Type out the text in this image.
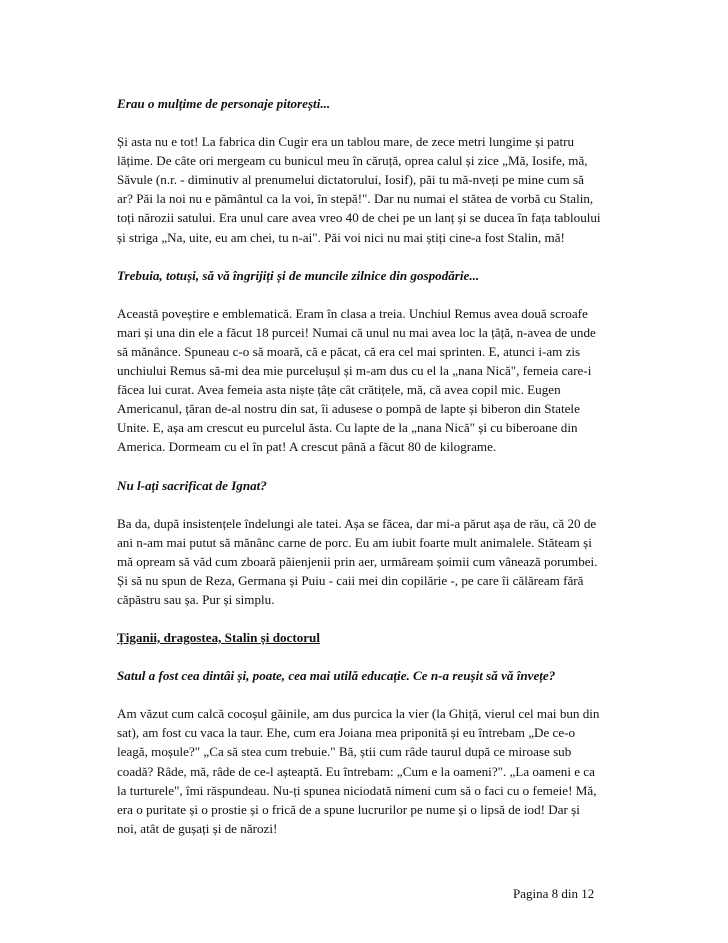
Erau o mulțime de personaje pitorești...

Și asta nu e tot! La fabrica din Cugir era un tablou mare, de zece metri lungime și patru lățime. De câte ori mergeam cu bunicul meu în căruță, oprea calul și zice „Mă, Iosife, mă, Săvule (n.r. - diminutiv al prenumelui dictatorului, Iosif), păi tu mă-nveți pe mine cum să ar? Păi la noi nu e pământul ca la voi, în stepă!". Dar nu numai el stătea de vorbă cu Stalin, toți nărozii satului. Era unul care avea vreo 40 de chei pe un lanț și se ducea în fața tabloului și striga „Na, uite, eu am chei, tu n-ai". Păi voi nici nu mai știți cine-a fost Stalin, mă!

Trebuia, totuși, să vă îngrijiți și de muncile zilnice din gospodărie...

Această poveștire e emblematică. Eram în clasa a treia. Unchiul Remus avea două scroafe mari și una din ele a făcut 18 purcei! Numai că unul nu mai avea loc la țâță, n-avea de unde să mănânce. Spuneau c-o să moară, că e păcat, că era cel mai sprinten. E, atunci i-am zis unchiului Remus să-mi dea mie purcelușul și m-am dus cu el la „nana Nică", femeia care-i făcea lui curat. Avea femeia asta niște țâțe cât crătițele, mă, că avea copil mic. Eugen Americanul, țăran de-al nostru din sat, îi adusese o pompă de lapte și biberon din Statele Unite. E, așa am crescut eu purcelul ăsta. Cu lapte de la „nana Nică" și cu biberoane din America. Dormeam cu el în pat! A crescut până a făcut 80 de kilograme.

Nu l-ați sacrificat de Ignat?

Ba da, după insistențele îndelungi ale tatei. Așa se făcea, dar mi-a părut așa de rău, că 20 de ani n-am mai putut să mănânc carne de porc. Eu am iubit foarte mult animalele. Stăteam și mă opream să văd cum zboară păienjenii prin aer, urmăream șoimii cum vânează porumbei. Și să nu spun de Reza, Germana și Puiu - caii mei din copilărie -, pe care îi călăream fără căpăstru sau șa. Pur și simplu.

Țiganii, dragostea, Stalin și doctorul

Satul a fost cea dintâi și, poate, cea mai utilă educație. Ce n-a reușit să vă învețe?

Am văzut cum calcă cocoșul găinile, am dus purcica la vier (la Ghiță, vierul cel mai bun din sat), am fost cu vaca la taur. Ehe, cum era Joiana mea priponită și eu întrebam „De ce-o leagă, moșule?" „Ca să stea cum trebuie." Bă, știi cum râde taurul după ce miroase sub coadă? Râde, mă, râde de ce-l așteaptă. Eu întrebam: „Cum e la oameni?". „La oameni e ca la turturele", îmi răspundeau. Nu-ți spunea niciodată nimeni cum să o faci cu o femeie! Mă, era o puritate și o prostie și o frică de a spune lucrurilor pe nume și o lipsă de iod! Dar și noi, atât de gușați și de nărozi!

Pagina 8 din 12
